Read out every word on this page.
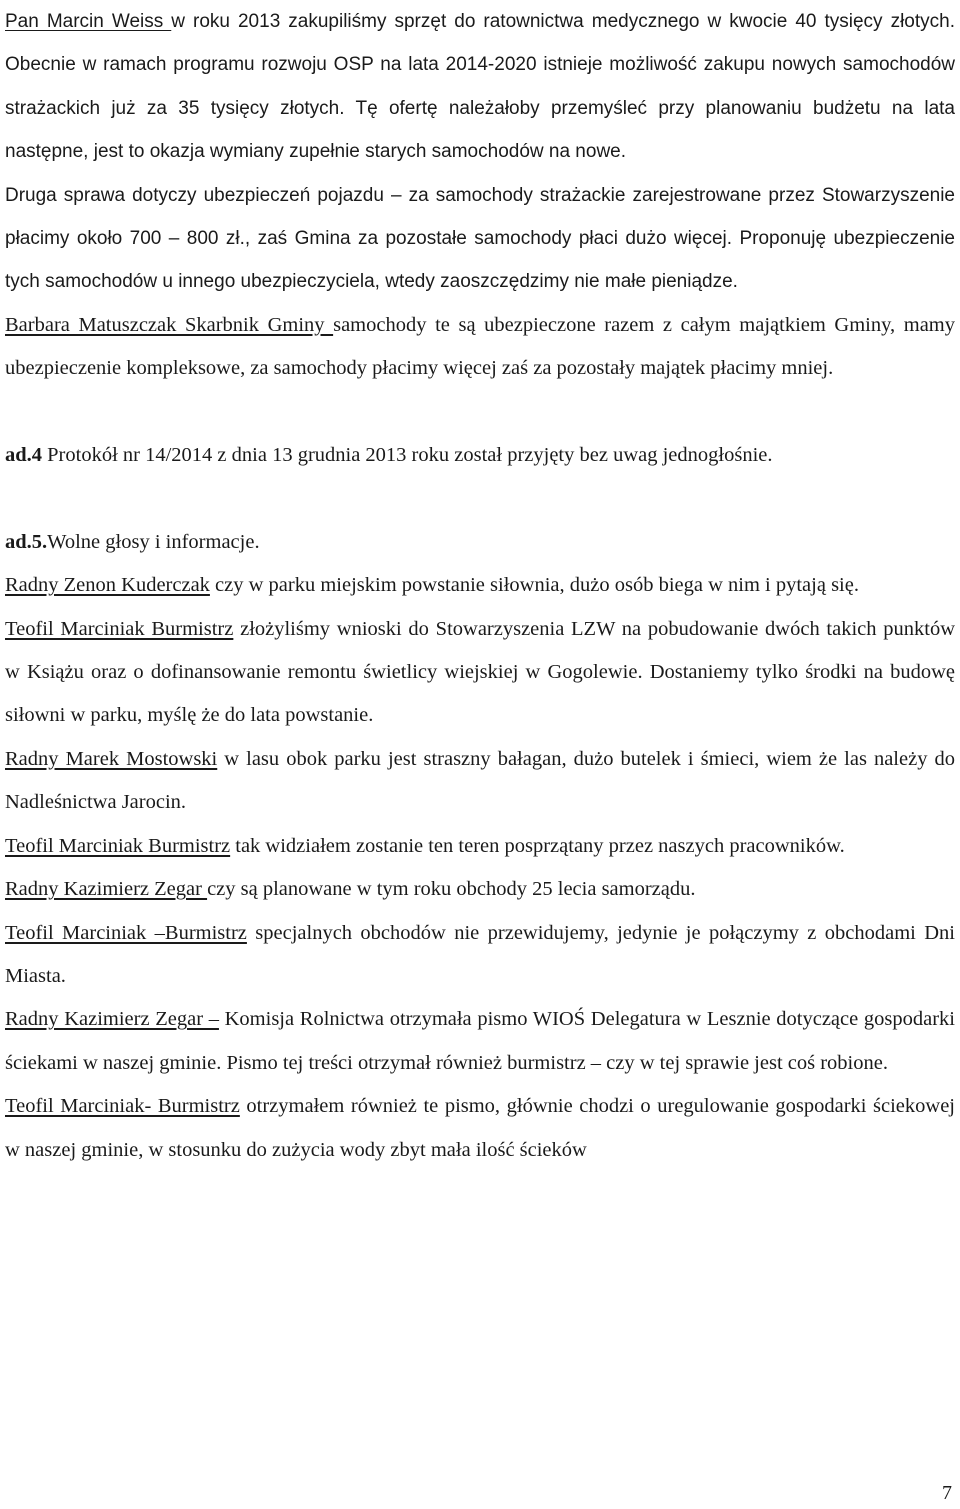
Pan Marcin Weiss w roku 2013 zakupiliśmy sprzęt do ratownictwa medycznego w kwocie 40 tysięcy złotych. Obecnie w ramach programu rozwoju OSP na lata 2014-2020 istnieje możliwość zakupu nowych samochodów strażackich już za 35 tysięcy złotych. Tę ofertę należałoby przemyśleć przy planowaniu budżetu na lata następne, jest to okazja wymiany zupełnie starych samochodów na nowe.

Druga sprawa dotyczy ubezpieczeń pojazdu – za samochody strażackie zarejestrowane przez Stowarzyszenie płacimy około 700 – 800 zł., zaś Gmina za pozostałe samochody płaci dużo więcej. Proponuję ubezpieczenie tych samochodów u innego ubezpieczyciela, wtedy zaoszczędzimy nie małe pieniądze.

Barbara Matuszczak Skarbnik Gminy samochody te są ubezpieczone razem z całym majątkiem Gminy, mamy ubezpieczenie kompleksowe, za samochody płacimy więcej zaś za pozostały majątek płacimy mniej.

ad.4 Protokół nr 14/2014 z dnia 13 grudnia 2013 roku został przyjęty bez uwag jednogłośnie.

ad.5.Wolne głosy i informacje.

Radny Zenon Kuderczak czy w parku miejskim powstanie siłownia, dużo osób biega w nim i pytają się.

Teofil Marciniak Burmistrz złożyliśmy wnioski do Stowarzyszenia LZW na pobudowanie dwóch takich punktów w Książu oraz o dofinansowanie remontu świetlicy wiejskiej w Gogolewie. Dostaniemy tylko środki na budowę siłowni w parku, myślę że do lata powstanie.

Radny Marek Mostowski w lasu obok parku jest straszny bałagan, dużo butelek i śmieci, wiem że las należy do Nadleśnictwa Jarocin.

Teofil Marciniak Burmistrz tak widziałem zostanie ten teren posprzątany przez naszych pracowników.

Radny Kazimierz Zegar czy są planowane w tym roku obchody 25 lecia samorządu.

Teofil Marciniak –Burmistrz specjalnych obchodów nie przewidujemy, jedynie je połączymy z obchodami Dni Miasta.

Radny Kazimierz Zegar – Komisja Rolnictwa otrzymała pismo WIOŚ Delegatura w Lesznie dotyczące gospodarki ściekami w naszej gminie. Pismo tej treści otrzymał również burmistrz – czy w tej sprawie jest coś robione.

Teofil Marciniak- Burmistrz otrzymałem również te pismo, głównie chodzi o uregulowanie gospodarki ściekowej w naszej gminie, w stosunku do zużycia wody zbyt mała ilość ścieków

7
